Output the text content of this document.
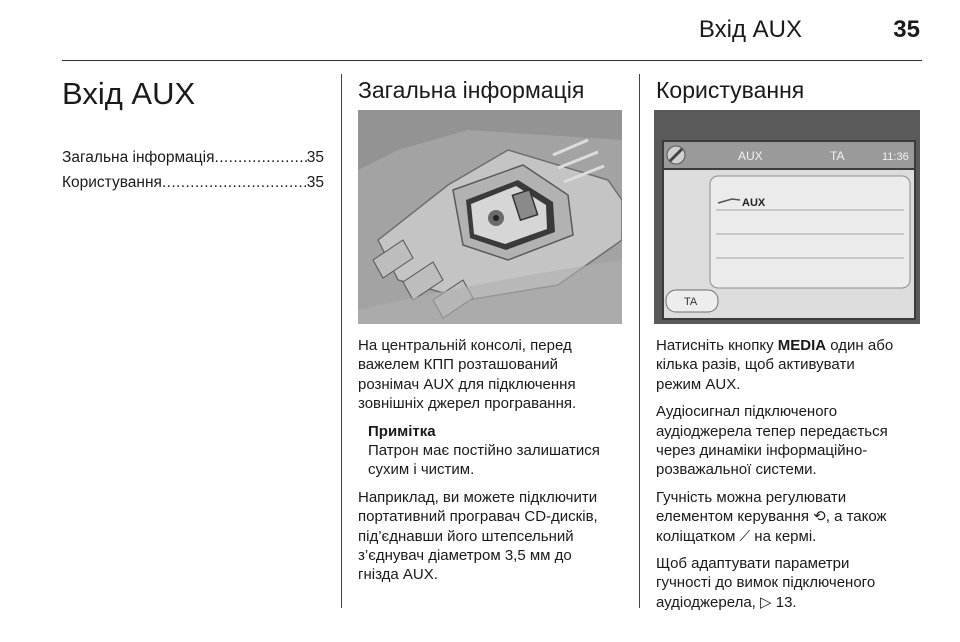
Вхід AUX	35
Вхід AUX
Загальна інформація .....	35
Користування .....	35
Загальна інформація

На центральній консолі, перед
важелем КПП розташований
рознімач AUX для підключення
зовнішніх джерел програвання.

Примітка
Патрон має постійно залишатися
сухим і чистим.

Наприклад, ви можете підключити
портативний програвач CD-дисків,
під’єднавши його штепсельний
з’єднувач діаметром 3,5 мм до
гнізда AUX.

Користування
AUX	TA	11:36
AUX
TA

Натисніть кнопку MEDIA один або
кілька разів, щоб активувати
режим AUX.

Аудіосигнал підключеного
аудіоджерела тепер передається
через динаміки інформаційно-
розважальної системи.

Гучність можна регулювати
елементом керування ⟲, а також
коліщатком ⟋ на кермі.

Щоб адаптувати параметри
гучності до вимок підключеного
аудіоджерела, ▷ 13.
